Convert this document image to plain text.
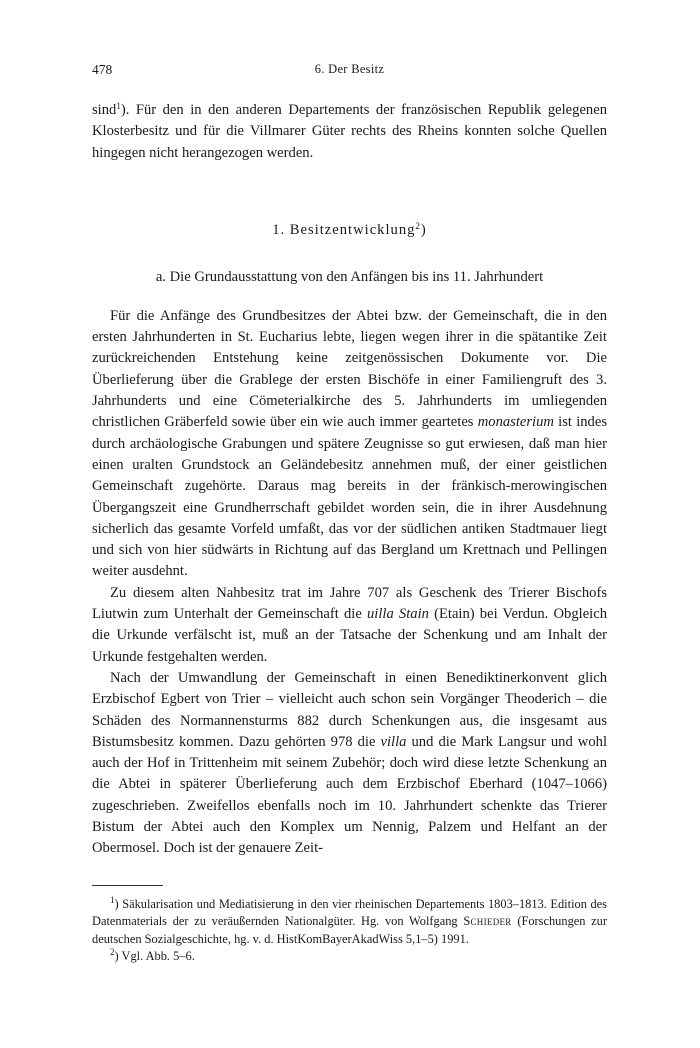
478	6. Der Besitz

sind$^1$). Für den in den anderen Departements der französischen Republik gelegenen Klosterbesitz und für die Villmarer Güter rechts des Rheins konnten solche Quellen hingegen nicht herangezogen werden.

1. Besitzentwicklung$^2$)
a. Die Grundausstattung von den Anfängen bis ins 11. Jahrhundert

Für die Anfänge des Grundbesitzes der Abtei bzw. der Gemeinschaft, die in den ersten Jahrhunderten in St. Eucharius lebte, liegen wegen ihrer in die spätantike Zeit zurückreichenden Entstehung keine zeitgenössischen Dokumente vor. Die Überlieferung über die Grablege der ersten Bischöfe in einer Familiengruft des 3. Jahrhunderts und eine Cömeterialkirche des 5. Jahrhunderts im umliegenden christlichen Gräberfeld sowie über ein wie auch immer geartetes monasterium ist indes durch archäologische Grabungen und spätere Zeugnisse so gut erwiesen, daß man hier einen uralten Grundstock an Geländebesitz annehmen muß, der einer geistlichen Gemeinschaft zugehörte. Daraus mag bereits in der fränkisch-merowingischen Übergangszeit eine Grundherrschaft gebildet worden sein, die in ihrer Ausdehnung sicherlich das gesamte Vorfeld umfaßt, das vor der südlichen antiken Stadtmauer liegt und sich von hier südwärts in Richtung auf das Bergland um Krettnach und Pellingen weiter ausdehnt.

Zu diesem alten Nahbesitz trat im Jahre 707 als Geschenk des Trierer Bischofs Liutwin zum Unterhalt der Gemeinschaft die uilla Stain (Etain) bei Verdun. Obgleich die Urkunde verfälscht ist, muß an der Tatsache der Schenkung und am Inhalt der Urkunde festgehalten werden.

Nach der Umwandlung der Gemeinschaft in einen Benediktinerkonvent glich Erzbischof Egbert von Trier – vielleicht auch schon sein Vorgänger Theoderich – die Schäden des Normannensturms 882 durch Schenkungen aus, die insgesamt aus Bistumsbesitz kommen. Dazu gehörten 978 die villa und die Mark Langsur und wohl auch der Hof in Trittenheim mit seinem Zubehör; doch wird diese letzte Schenkung an die Abtei in späterer Überlieferung auch dem Erzbischof Eberhard (1047–1066) zugeschrieben. Zweifellos ebenfalls noch im 10. Jahrhundert schenkte das Trierer Bistum der Abtei auch den Komplex um Nennig, Palzem und Helfant an der Obermosel. Doch ist der genauere Zeit-

$^1$) Säkularisation und Mediatisierung in den vier rheinischen Departements 1803–1813. Edition des Datenmaterials der zu veräußernden Nationalgüter. Hg. von Wolfgang Schieder (Forschungen zur deutschen Sozialgeschichte, hg. v. d. HistKomBayerAkadWiss 5,1–5) 1991.

$^2$) Vgl. Abb. 5–6.
